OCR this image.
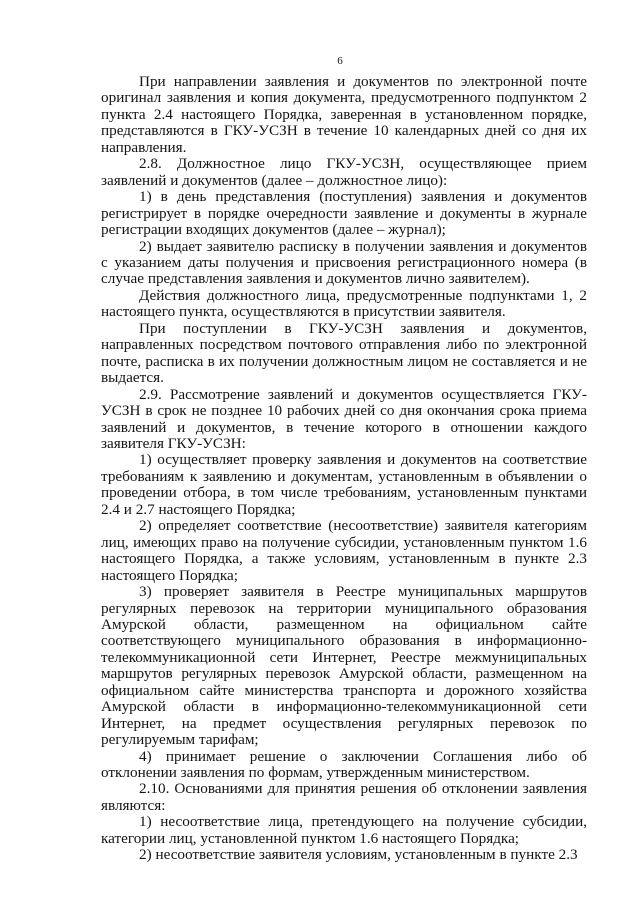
6

При направлении заявления и документов по электронной почте оригинал заявления и копия документа, предусмотренного подпунктом 2 пункта 2.4 настоящего Порядка, заверенная в установленном порядке, представляются в ГКУ-УСЗН в течение 10 календарных дней со дня их направления.

2.8. Должностное лицо ГКУ-УСЗН, осуществляющее прием заявлений и документов (далее – должностное лицо):

1) в день представления (поступления) заявления и документов регистрирует в порядке очередности заявление и документы в журнале регистрации входящих документов (далее – журнал);

2) выдает заявителю расписку в получении заявления и документов с указанием даты получения и присвоения регистрационного номера (в случае представления заявления и документов лично заявителем).

Действия должностного лица, предусмотренные подпунктами 1, 2 настоящего пункта, осуществляются в присутствии заявителя.

При поступлении в ГКУ-УСЗН заявления и документов, направленных посредством почтового отправления либо по электронной почте, расписка в их получении должностным лицом не составляется и не выдается.

2.9. Рассмотрение заявлений и документов осуществляется ГКУ-УСЗН в срок не позднее 10 рабочих дней со дня окончания срока приема заявлений и документов, в течение которого в отношении каждого заявителя ГКУ-УСЗН:

1) осуществляет проверку заявления и документов на соответствие требованиям к заявлению и документам, установленным в объявлении о проведении отбора, в том числе требованиям, установленным пунктами 2.4 и 2.7 настоящего Порядка;

2) определяет соответствие (несоответствие) заявителя категориям лиц, имеющих право на получение субсидии, установленным пунктом 1.6 настоящего Порядка, а также условиям, установленным в пункте 2.3 настоящего Порядка;

3) проверяет заявителя в Реестре муниципальных маршрутов регулярных перевозок на территории муниципального образования Амурской области, размещенном на официальном сайте соответствующего муниципального образования в информационно-телекоммуникационной сети Интернет, Реестре межмуниципальных маршрутов регулярных перевозок Амурской области, размещенном на официальном сайте министерства транспорта и дорожного хозяйства Амурской области в информационно-телекоммуникационной сети Интернет, на предмет осуществления регулярных перевозок по регулируемым тарифам;

4) принимает решение о заключении Соглашения либо об отклонении заявления по формам, утвержденным министерством.

2.10. Основаниями для принятия решения об отклонении заявления являются:

1) несоответствие лица, претендующего на получение субсидии, категории лиц, установленной пунктом 1.6 настоящего Порядка;

2) несоответствие заявителя условиям, установленным в пункте 2.3
